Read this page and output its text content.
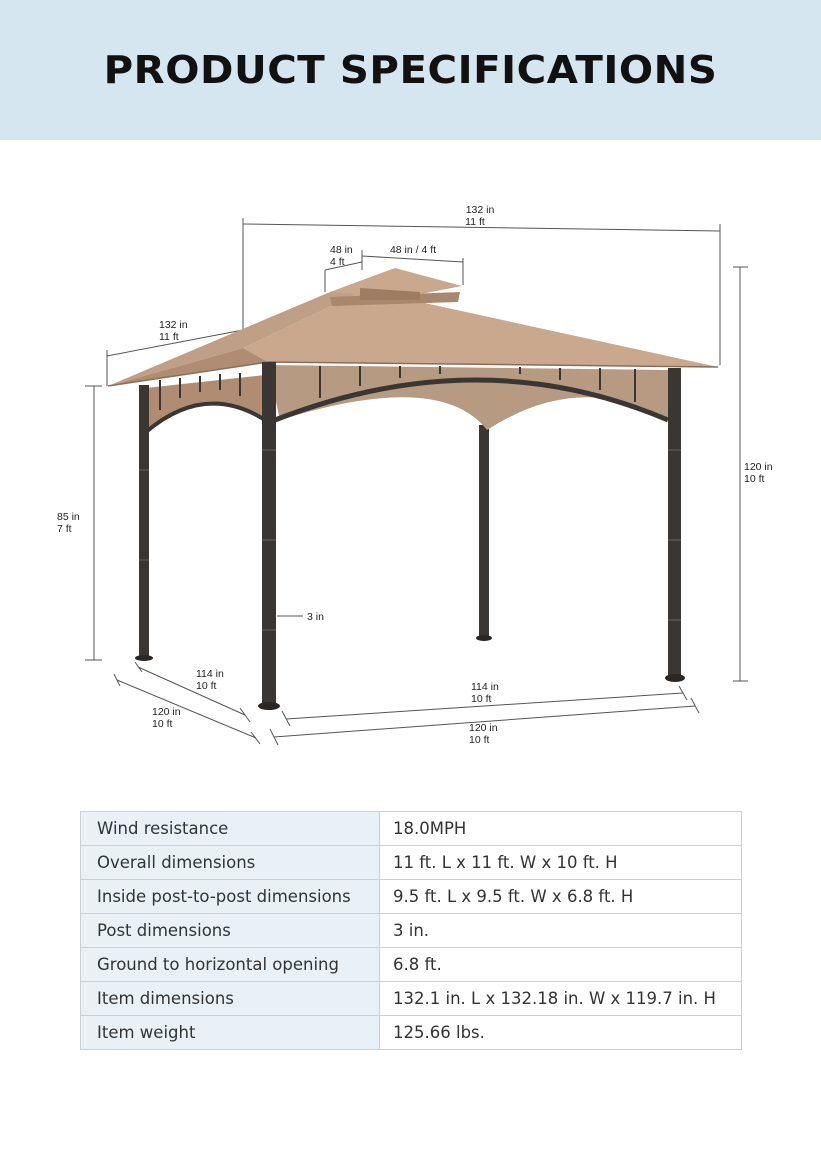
PRODUCT SPECIFICATIONS
132 in
11 ft
48 in
4 ft
48 in / 4 ft
132 in
11 ft
120 in
10 ft
85 in
7 ft
3 in
114 in
10 ft
120 in
10 ft
114 in
10 ft
120 in
10 ft
Wind resistance	18.0MPH
Overall dimensions	11 ft. L x 11 ft. W x 10 ft. H
Inside post-to-post dimensions	9.5 ft. L x 9.5 ft. W x 6.8 ft. H
Post dimensions	3 in.
Ground to horizontal opening	6.8 ft.
Item dimensions	132.1 in. L x 132.18 in. W x 119.7 in. H
Item weight	125.66 lbs.
